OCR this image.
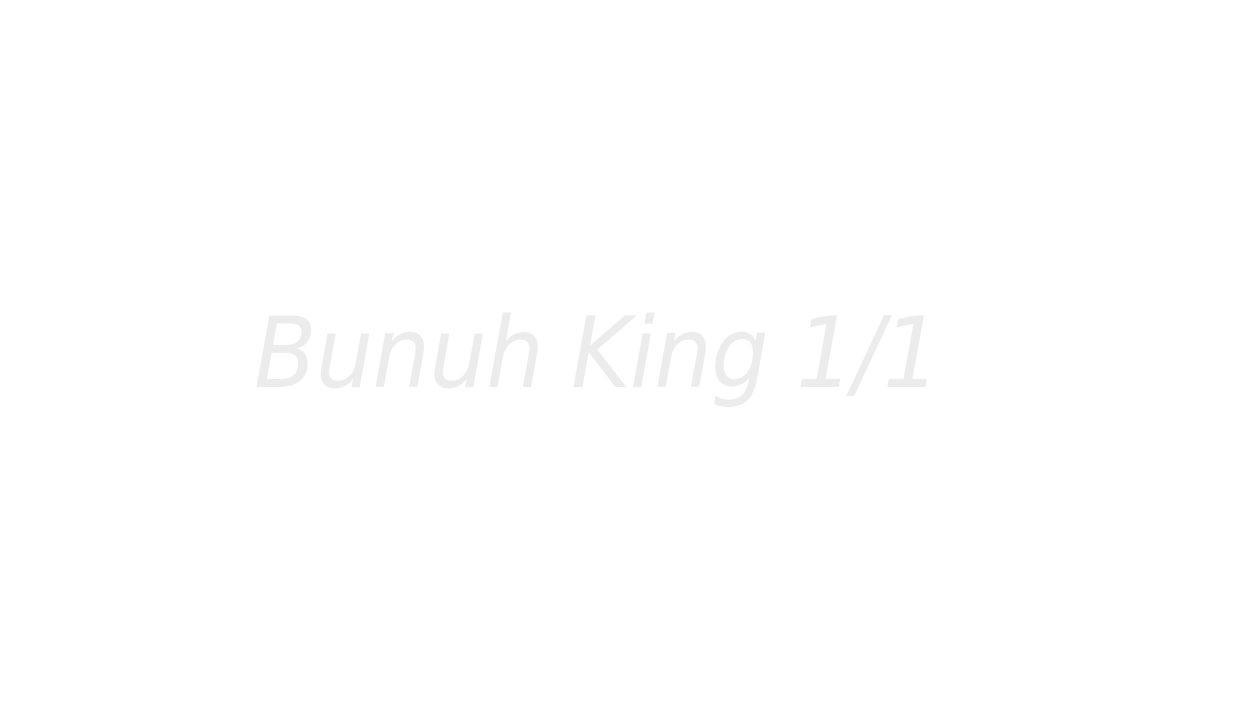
Bunuh King 1/1
